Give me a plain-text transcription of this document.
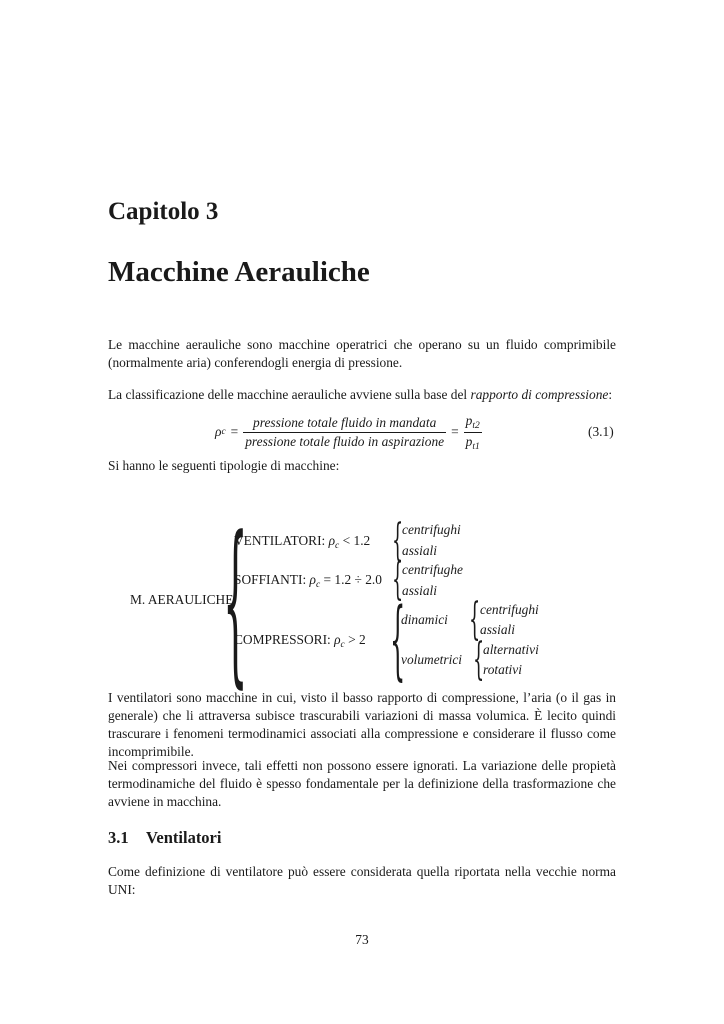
Capitolo 3
Macchine Aerauliche
Le macchine aerauliche sono macchine operatrici che operano su un fluido comprimibile (normalmente aria) conferendogli energia di pressione.
La classificazione delle macchine aerauliche avviene sulla base del rapporto di compressione:
ρ $c = \frac{\text{pressione totale fluido in mandata}}{\text{pressione totale fluido in aspirazione}} = \frac{p_{t2}}{p_{t1}}$	(3.1)
Si hanno le seguenti tipologie di macchine:
M. AERAULICHE
{
VENTILATORI: $\rho_c < 1.2$ {
centrifughi
assiali
SOFFIANTI: $\rho_c = 1.2 \div 2.0$ {
centrifughe
assiali
COMPRESSORI: $\rho_c > 2$ {
dinamici { centrifughi
assiali
volumetrici {
alternativi
rotativi
I ventilatori sono macchine in cui, visto il basso rapporto di compressione, l’aria (o il gas in generale) che li attraversa subisce trascurabili variazioni di massa volumica. È lecito quindi trascurare i fenomeni termodinamici associati alla compressione e considerare il flusso come incomprimibile.
Nei compressori invece, tali effetti non possono essere ignorati. La variazione delle propietà termodinamiche del fluido è spesso fondamentale per la definizione della trasformazione che avviene in macchina.
3.1 Ventilatori
Come definizione di ventilatore può essere considerata quella riportata nella vecchie norma UNI:
73
